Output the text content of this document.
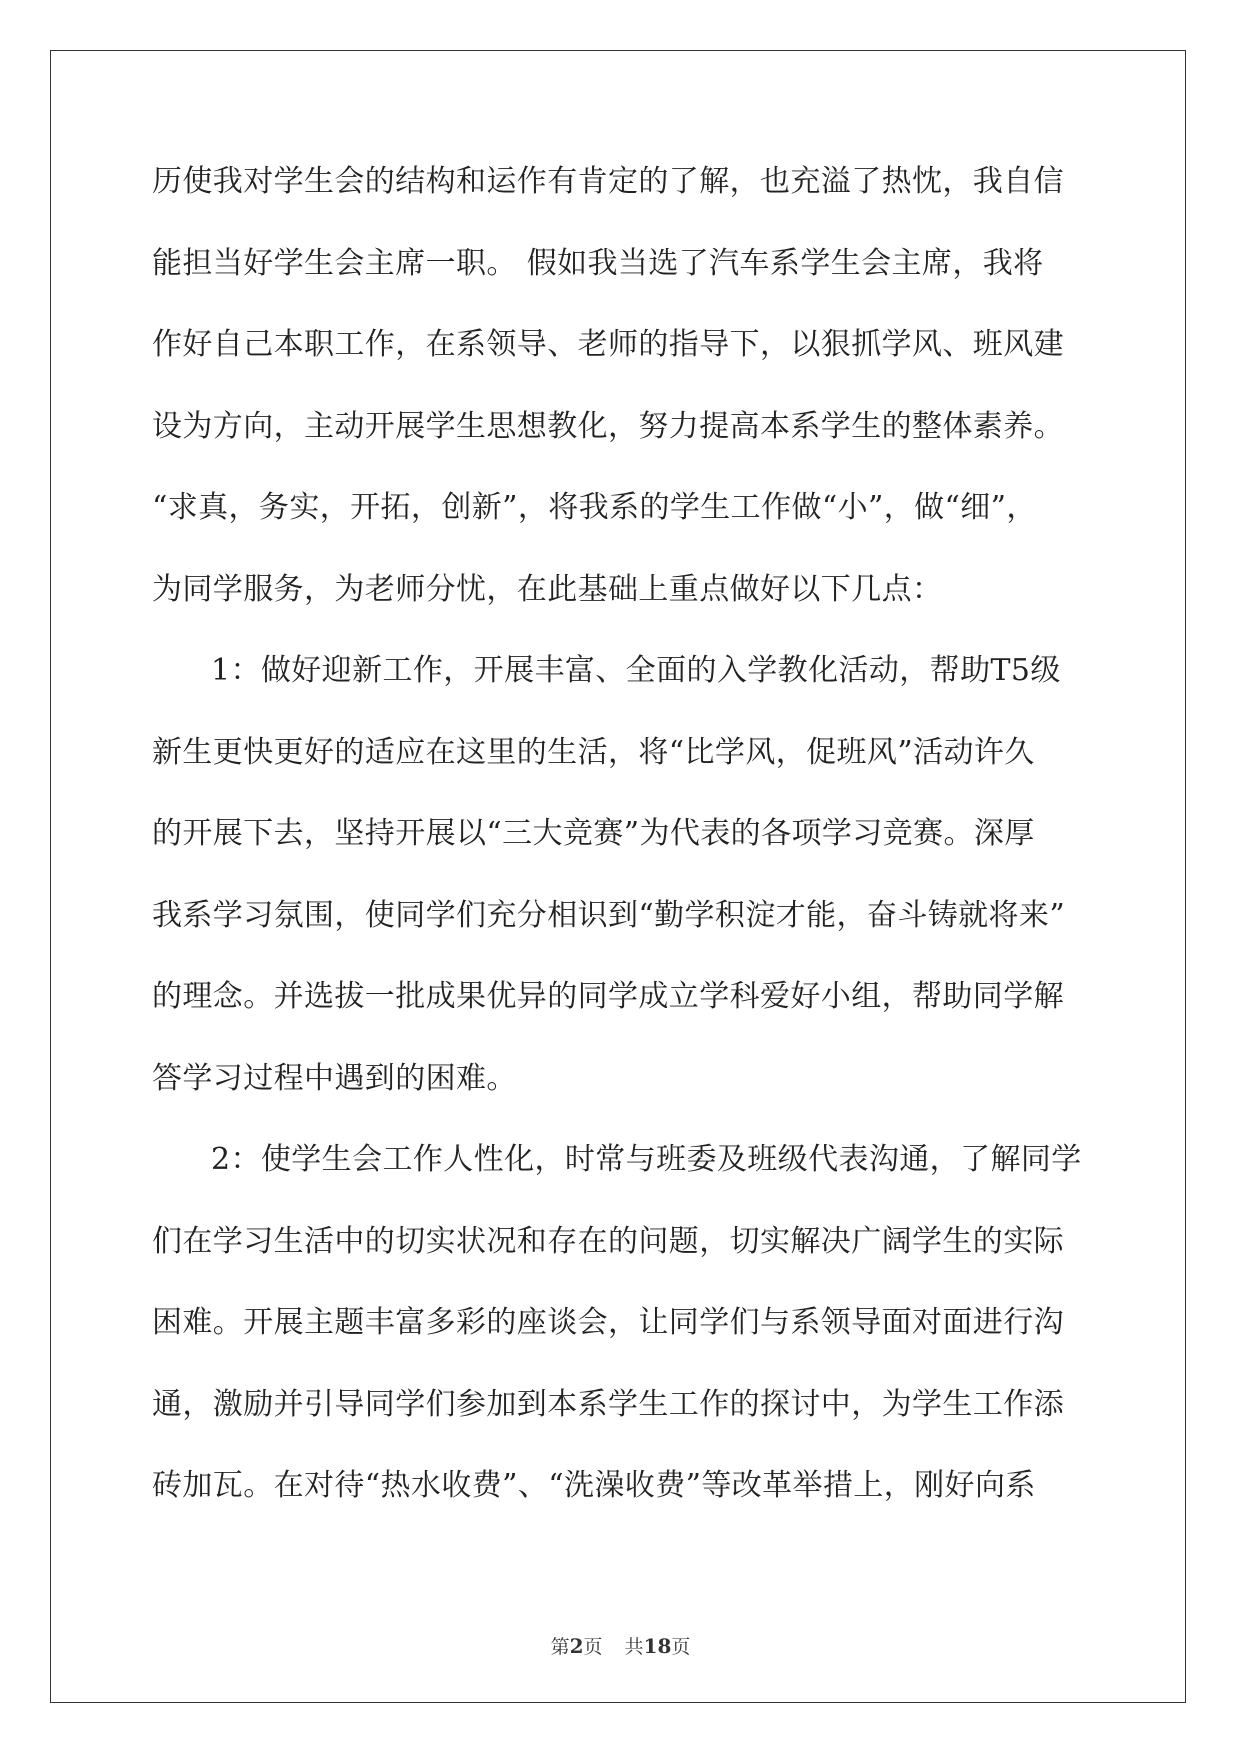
历使我对学生会的结构和运作有肯定的了解，也充溢了热忱，我自信
能担当好学生会主席一职。 假如我当选了汽车系学生会主席，我将
作好自己本职工作，在系领导、老师的指导下，以狠抓学风、班风建
设为方向，主动开展学生思想教化，努力提高本系学生的整体素养。
“求真，务实，开拓，创新”，将我系的学生工作做“小”，做“细”，
为同学服务，为老师分忧，在此基础上重点做好以下几点：
1：做好迎新工作，开展丰富、全面的入学教化活动，帮助T5级
新生更快更好的适应在这里的生活，将“比学风，促班风”活动许久
的开展下去，坚持开展以“三大竞赛”为代表的各项学习竞赛。深厚
我系学习氛围，使同学们充分相识到“勤学积淀才能，奋斗铸就将来”
的理念。并选拔一批成果优异的同学成立学科爱好小组，帮助同学解
答学习过程中遇到的困难。
2：使学生会工作人性化，时常与班委及班级代表沟通，了解同学
们在学习生活中的切实状况和存在的问题，切实解决广阔学生的实际
困难。开展主题丰富多彩的座谈会，让同学们与系领导面对面进行沟
通，激励并引导同学们参加到本系学生工作的探讨中，为学生工作添
砖加瓦。在对待“热水收费”、“洗澡收费”等改革举措上，刚好向系
第2页 共18页
